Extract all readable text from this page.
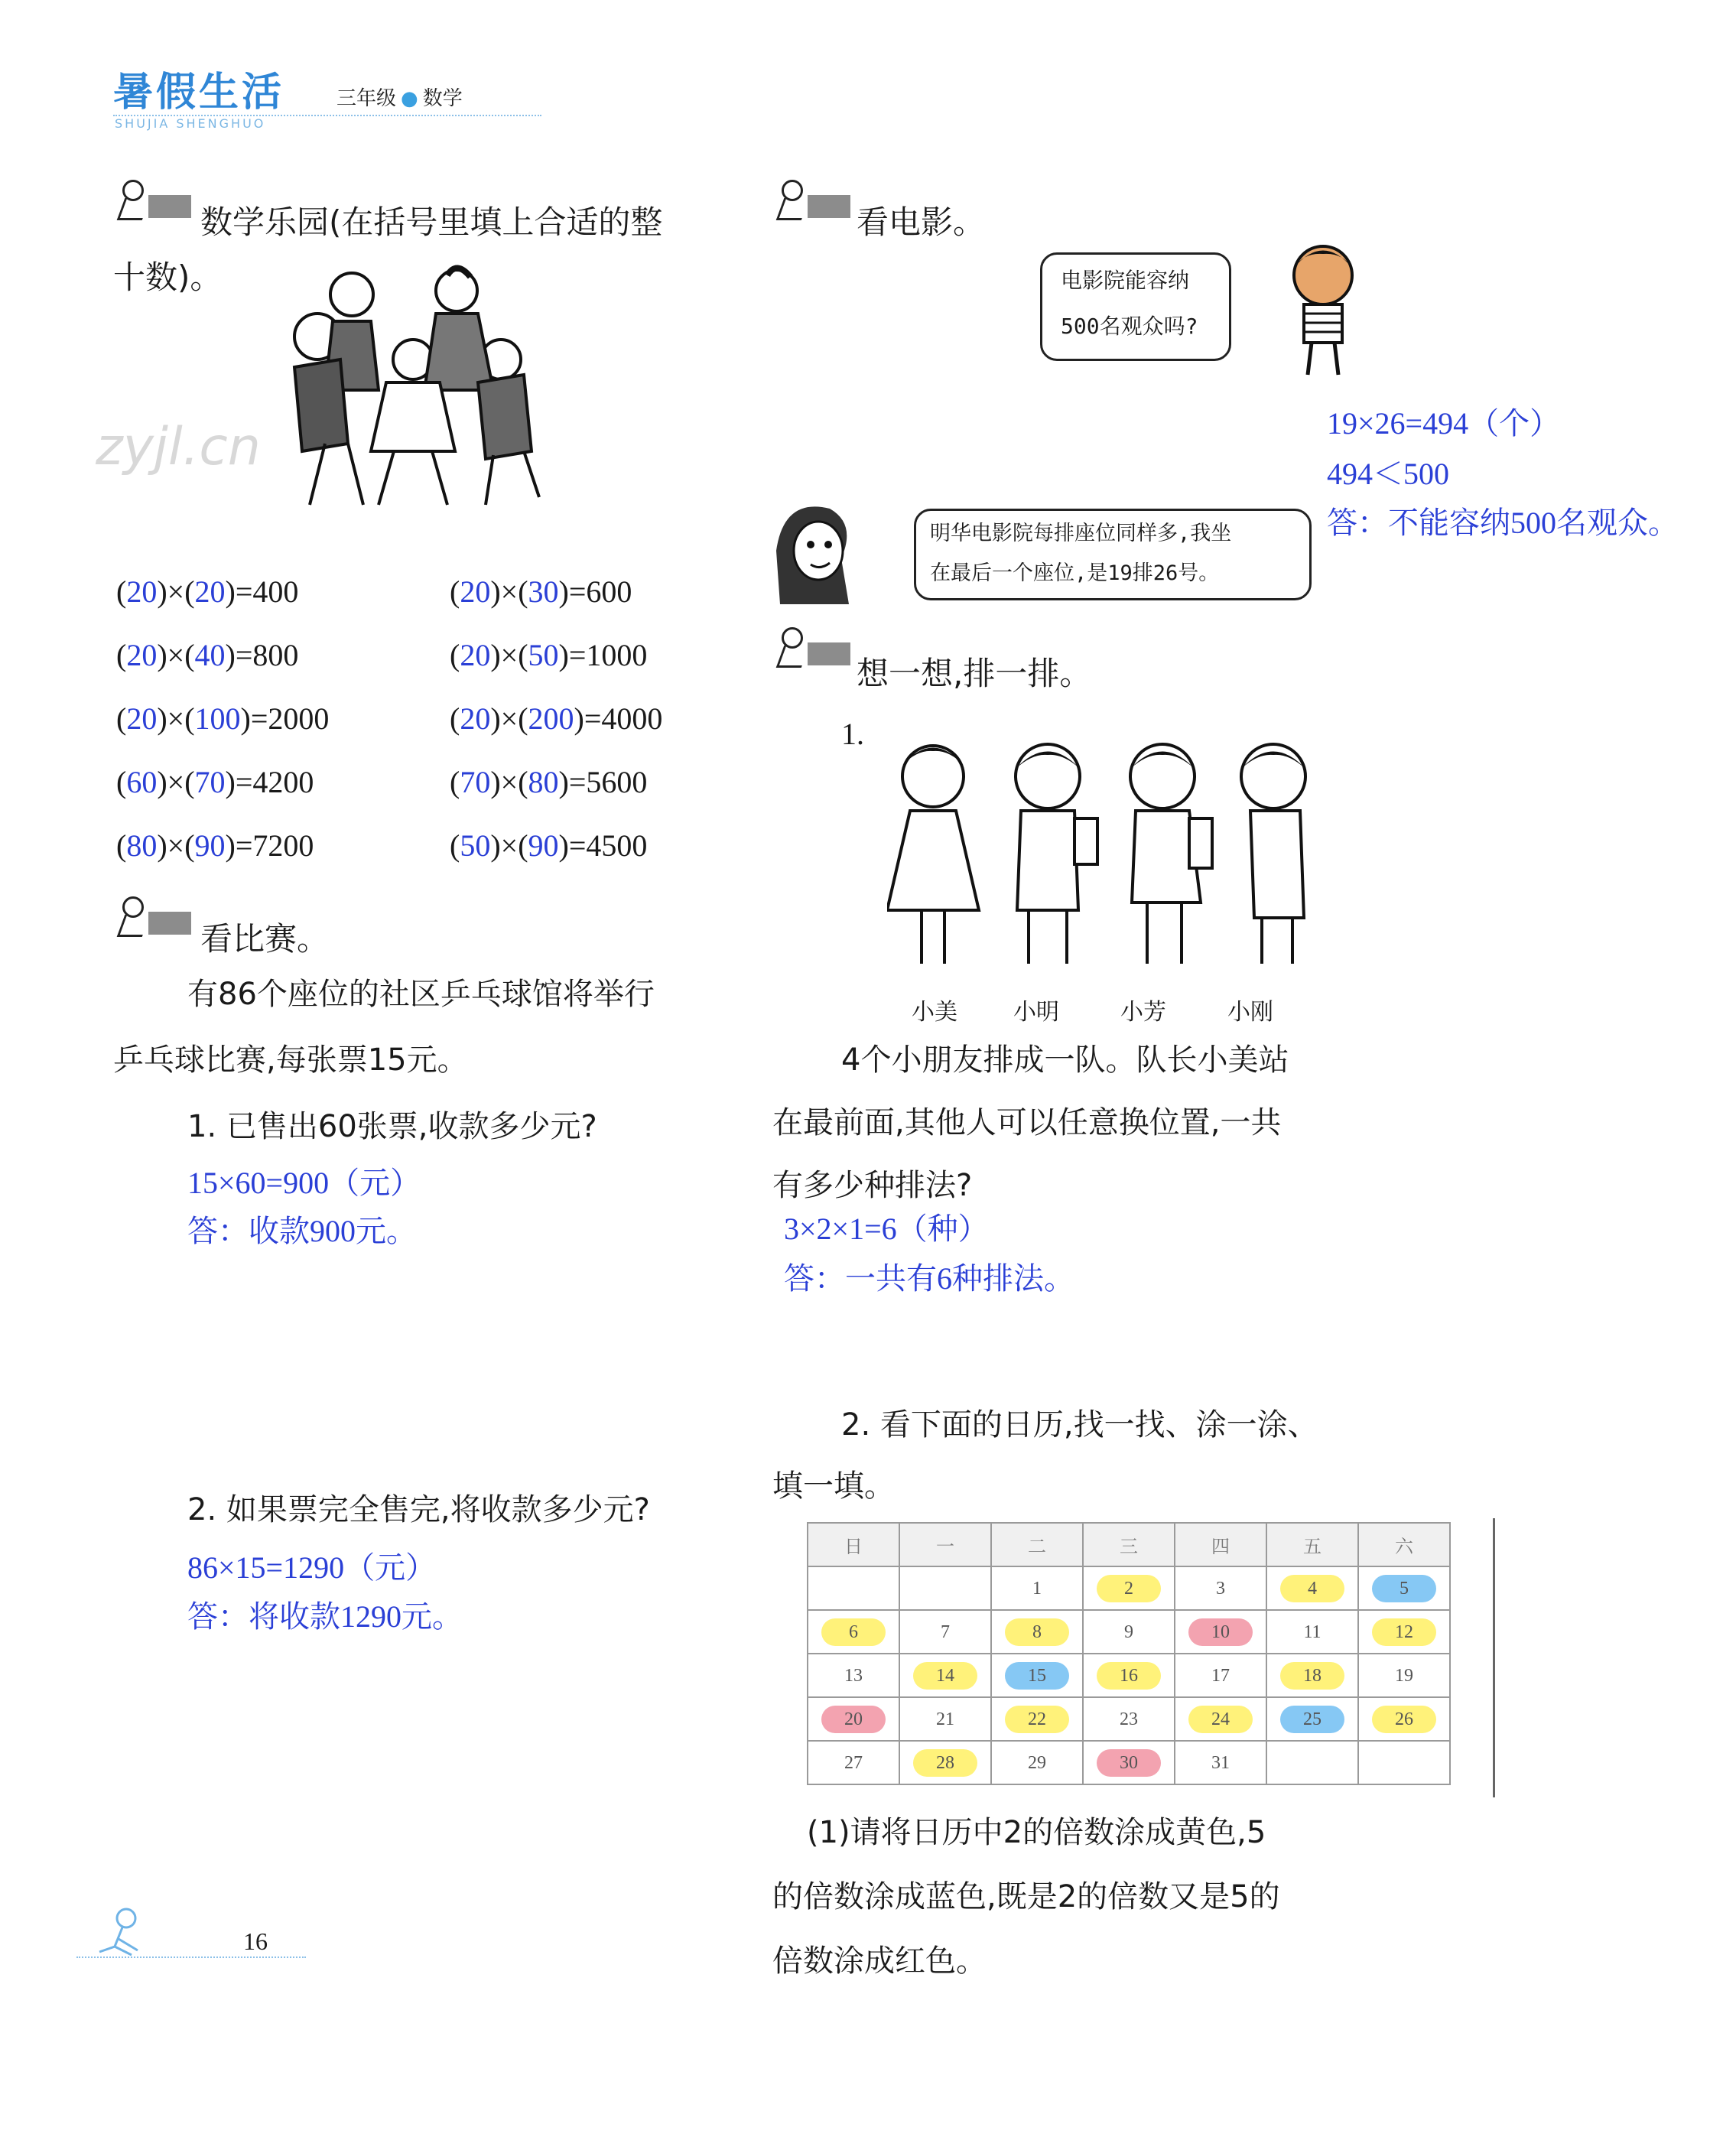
暑假生活
SHUJIA SHENGHUO
三年级 ● 数学
zyjl.cn
数学乐园(在括号里填上合适的整
十数)。
(20)×(20)=400	(20)×(30)=600
(20)×(40)=800	(20)×(50)=1000
(20)×(100)=2000	(20)×(200)=4000
(60)×(70)=4200	(70)×(80)=5600
(80)×(90)=7200	(50)×(90)=4500
看比赛。
有86个座位的社区乒乓球馆将举行
乒乓球比赛,每张票15元。
1. 已售出60张票,收款多少元?
15×60=900（元）
答：收款900元。
2. 如果票完全售完,将收款多少元?
86×15=1290（元）
答：将收款1290元。
16
看电影。
电影院能容纳
500名观众吗?
明华电影院每排座位同样多,我坐
在最后一个座位,是19排26号。
19×26=494（个）
494＜500
答：不能容纳500名观众。
想一想,排一排。
1.
小美 小明	小芳	小刚
4个小朋友排成一队。队长小美站
在最前面,其他人可以任意换位置,一共
有多少种排法?
3×2×1=6（种）
答：一共有6种排法。
2. 看下面的日历,找一找、涂一涂、
填一填。
日	一	二	三	四	五	六
		1	2	3	4	5
6	7	8	9	10	11	12
13	14	15	16	17	18	19
20	21	22	23	24	25	26
27	28	29	30	31		
(1)请将日历中2的倍数涂成黄色,5
的倍数涂成蓝色,既是2的倍数又是5的
倍数涂成红色。
